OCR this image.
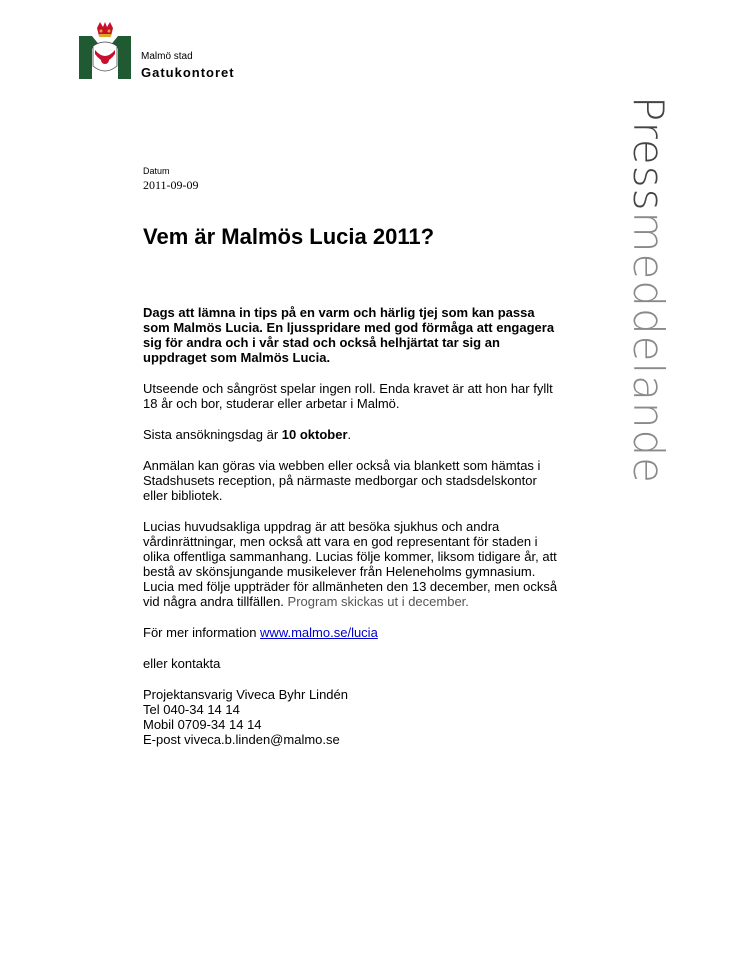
Malmö stad
Gatukontoret
Pressmeddelande
Datum
2011-09-09
Vem är Malmös Lucia 2011?

Dags att lämna in tips på en varm och härlig tjej som kan passa som Malmös Lucia. En ljusspridare med god förmåga att engagera sig för andra och i vår stad och också helhjärtat tar sig an uppdraget som Malmös Lucia.

Utseende och sångröst spelar ingen roll. Enda kravet är att hon har fyllt 18 år och bor, studerar eller arbetar i Malmö.

Sista ansökningsdag är 10 oktober.

Anmälan kan göras via webben eller också via blankett som hämtas i Stadshusets reception, på närmaste medborgar och stadsdelskontor eller bibliotek.

Lucias huvudsakliga uppdrag är att besöka sjukhus och andra vårdinrättningar, men också att vara en god representant för staden i olika offentliga sammanhang. Lucias följe kommer, liksom tidigare år, att bestå av skönsjungande musikelever från Heleneholms gymnasium. Lucia med följe uppträder för allmänheten den 13 december, men också vid några andra tillfällen. Program skickas ut i december.

För mer information www.malmo.se/lucia

eller kontakta

Projektansvarig Viveca Byhr Lindén

Tel 040-34 14 14

Mobil 0709-34 14 14

E-post viveca.b.linden@malmo.se
